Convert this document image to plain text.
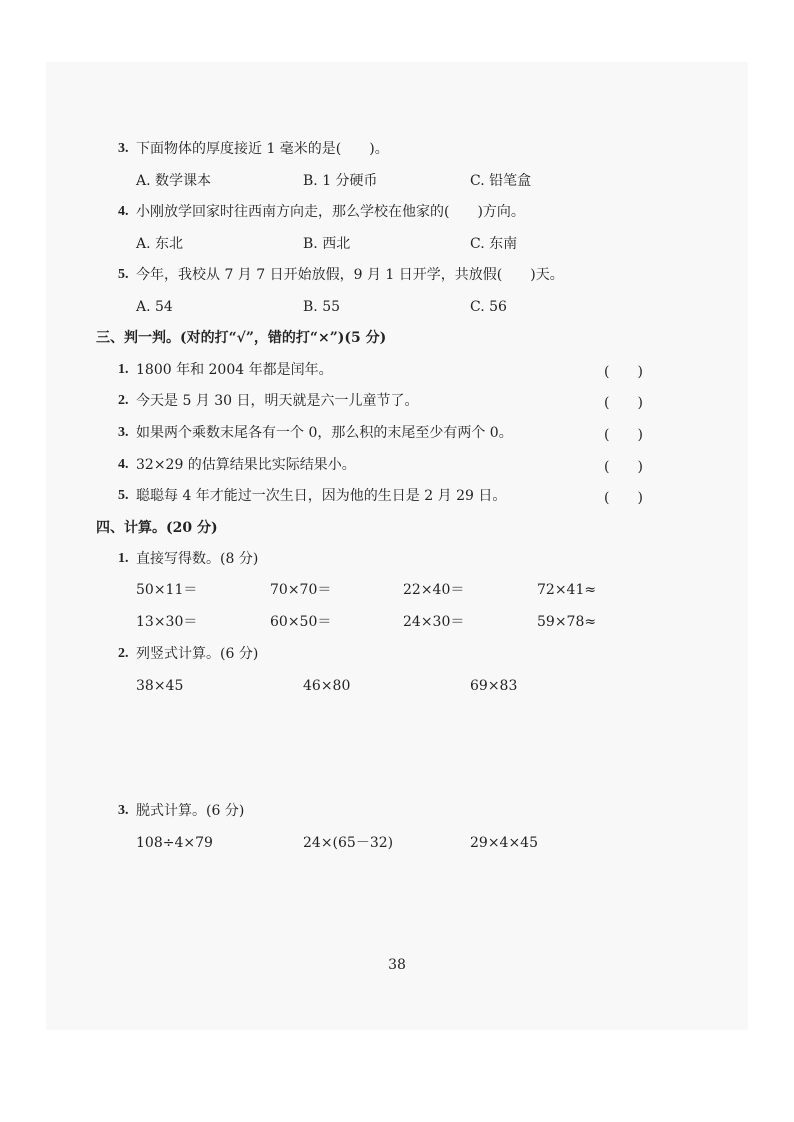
3. 下面物体的厚度接近 1 毫米的是(　　)。
A. 数学课本	B. 1 分硬币	C. 铅笔盒
4. 小刚放学回家时往西南方向走，那么学校在他家的(　　)方向。
A. 东北	B. 西北	C. 东南
5. 今年，我校从 7 月 7 日开始放假，9 月 1 日开学，共放假(　　)天。
A. 54	B. 55	C. 56
三、判一判。(对的打“√”，错的打“×”)(5 分)
1. 1800 年和 2004 年都是闰年。	(　　)
2. 今天是 5 月 30 日，明天就是六一儿童节了。	(　　)
3. 如果两个乘数末尾各有一个 0，那么积的末尾至少有两个 0。	(　　)
4. 32×29 的估算结果比实际结果小。	(　　)
5. 聪聪每 4 年才能过一次生日，因为他的生日是 2 月 29 日。	(　　)
四、计算。(20 分)
1. 直接写得数。(8 分)
50×11＝	70×70＝	22×40＝	72×41≈
13×30＝	60×50＝	24×30＝	59×78≈
2. 列竖式计算。(6 分)
38×45	46×80	69×83
3. 脱式计算。(6 分)
108÷4×79	24×(65－32)	29×4×45
38
